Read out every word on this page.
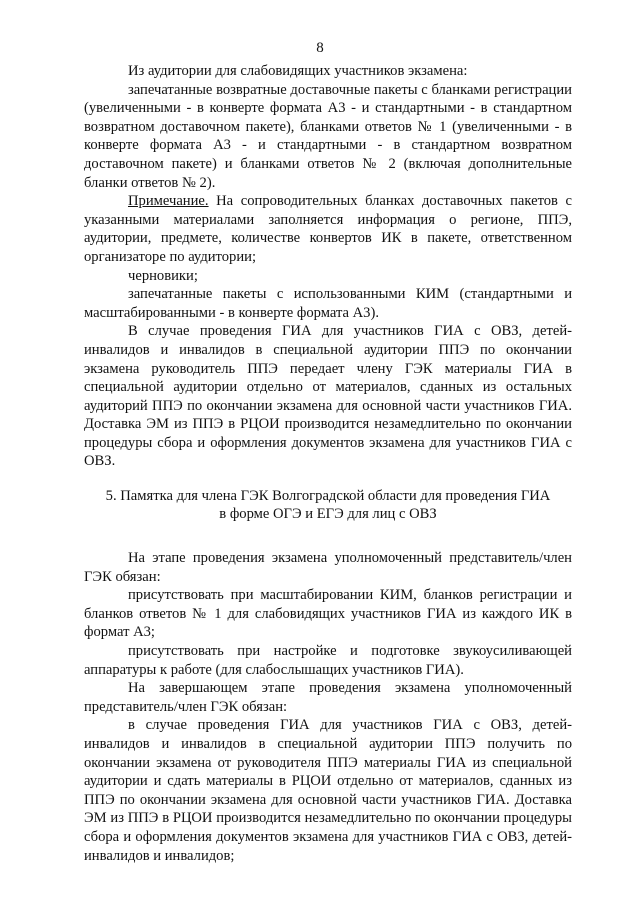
8

Из аудитории для слабовидящих участников экзамена:

запечатанные возвратные доставочные пакеты с бланками регистрации (увеличенными - в конверте формата А3 - и стандартными - в стандартном возвратном доставочном пакете), бланками ответов № 1 (увеличенными - в конверте формата А3 - и стандартными - в стандартном возвратном доставочном пакете) и бланками ответов № 2 (включая дополнительные бланки ответов № 2).

Примечание. На сопроводительных бланках доставочных пакетов с указанными материалами заполняется информация о регионе, ППЭ, аудитории, предмете, количестве конвертов ИК в пакете, ответственном организаторе по аудитории;

черновики;

запечатанные пакеты с использованными КИМ (стандартными и масштабированными - в конверте формата А3).

В случае проведения ГИА для участников ГИА с ОВЗ, детей-инвалидов и инвалидов в специальной аудитории ППЭ по окончании экзамена руководитель ППЭ передает члену ГЭК материалы ГИА в специальной аудитории отдельно от материалов, сданных из остальных аудиторий ППЭ по окончании экзамена для основной части участников ГИА. Доставка ЭМ из ППЭ в РЦОИ производится незамедлительно по окончании процедуры сбора и оформления документов экзамена для участников ГИА с ОВЗ.

5. Памятка для члена ГЭК Волгоградской области для проведения ГИА
в форме ОГЭ и ЕГЭ для лиц с ОВЗ

На этапе проведения экзамена уполномоченный представитель/член ГЭК обязан:

присутствовать при масштабировании КИМ, бланков регистрации и бланков ответов № 1 для слабовидящих участников ГИА из каждого ИК в формат А3;

присутствовать при настройке и подготовке звукоусиливающей аппаратуры к работе (для слабослышащих участников ГИА).

На завершающем этапе проведения экзамена уполномоченный представитель/член ГЭК обязан:

в случае проведения ГИА для участников ГИА с ОВЗ, детей-инвалидов и инвалидов в специальной аудитории ППЭ получить по окончании экзамена от руководителя ППЭ материалы ГИА из специальной аудитории и сдать материалы в РЦОИ отдельно от материалов, сданных из ППЭ по окончании экзамена для основной части участников ГИА. Доставка ЭМ из ППЭ в РЦОИ производится незамедлительно по окончании процедуры сбора и оформления документов экзамена для участников ГИА с ОВЗ, детей-инвалидов и инвалидов;
